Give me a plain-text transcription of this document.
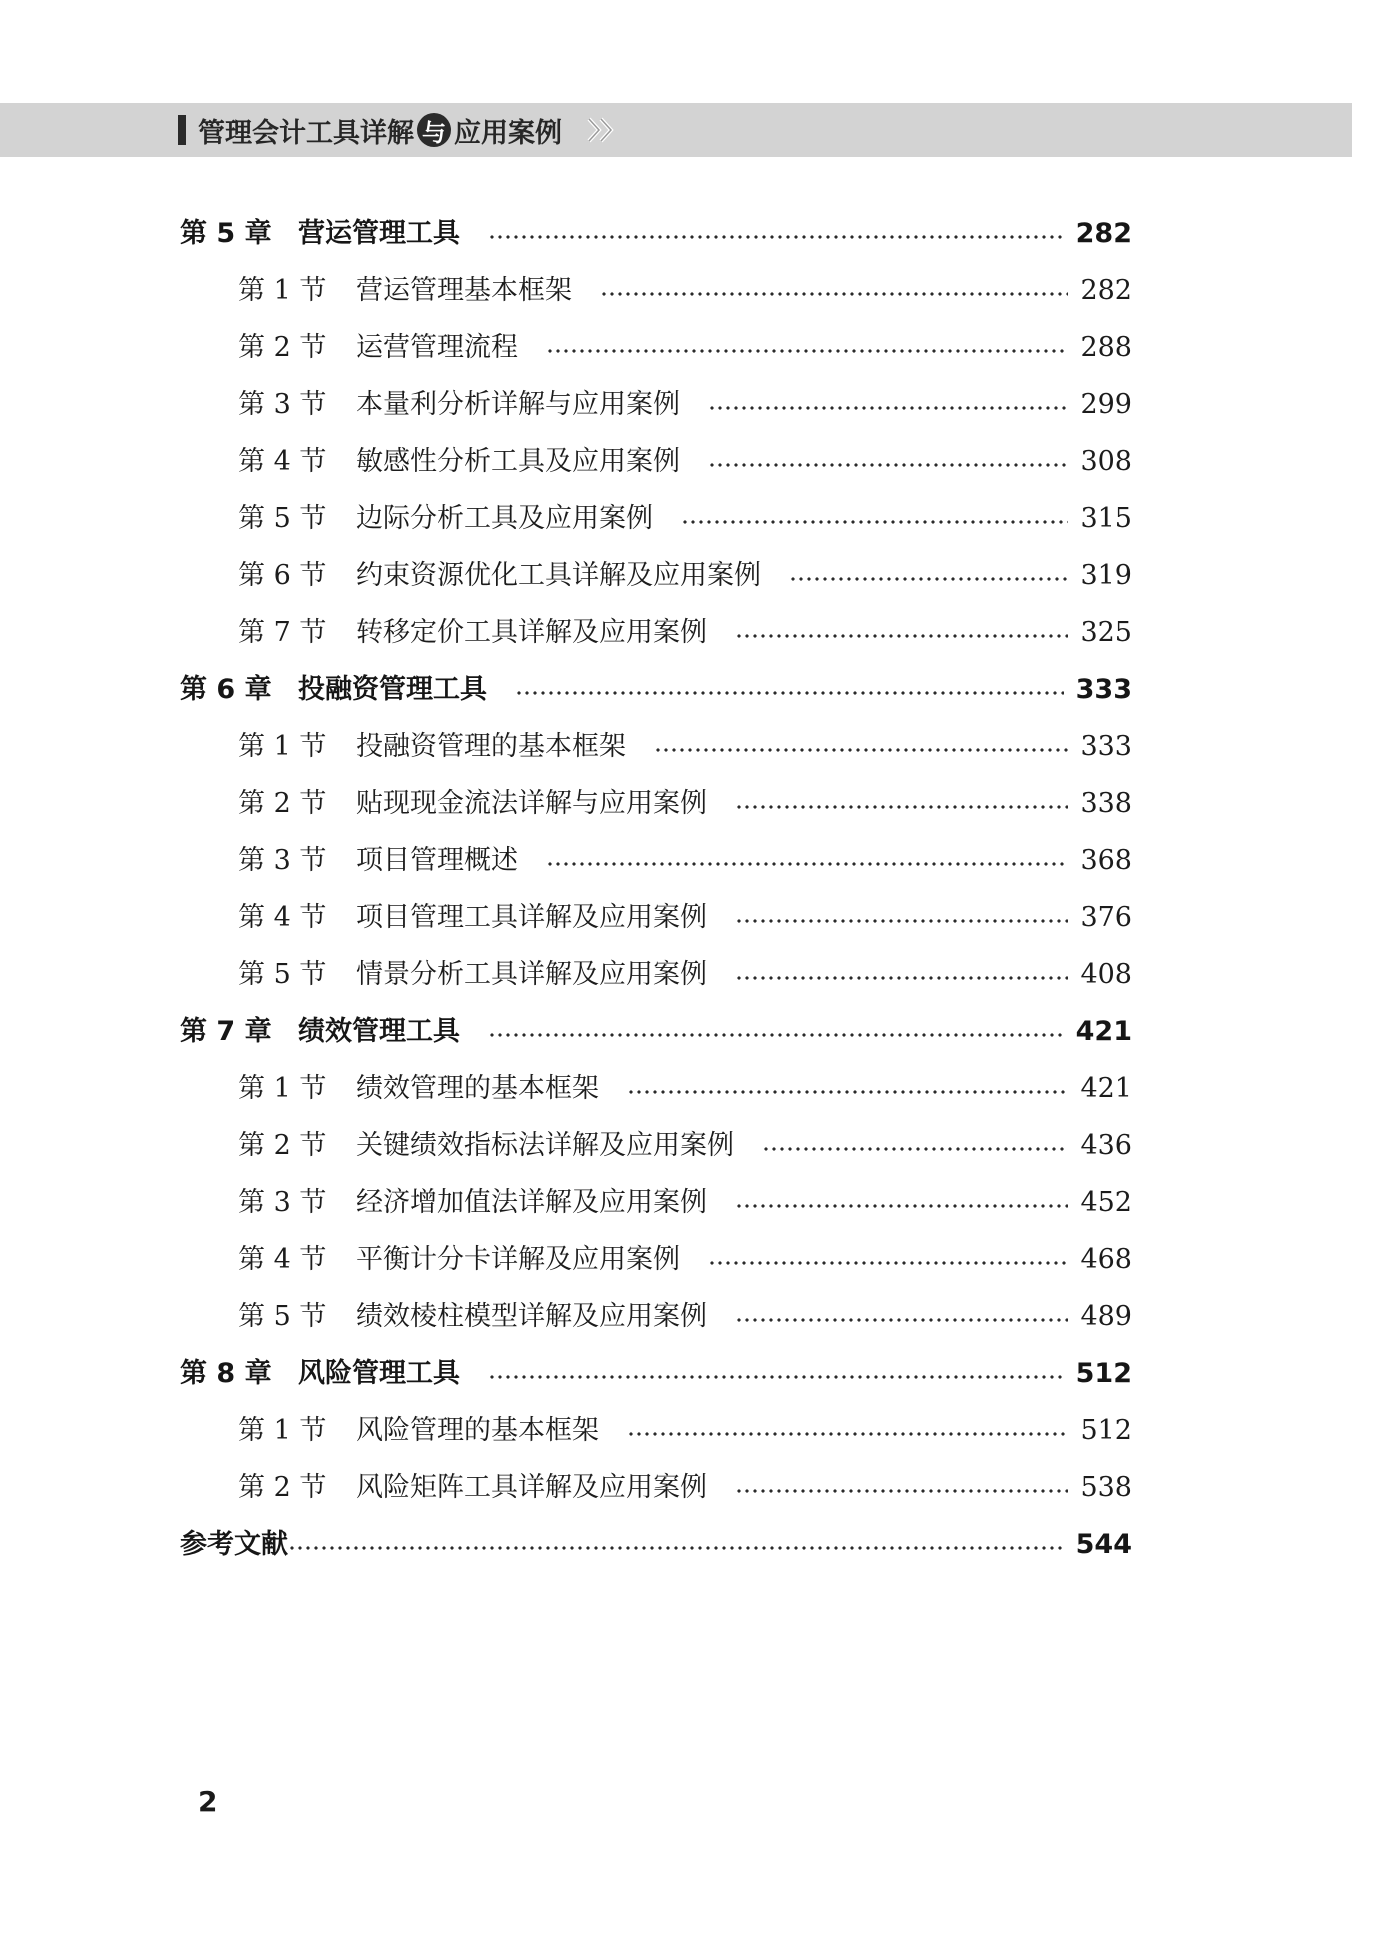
管理会计工具详解 与 应用案例
第 5 章 营运管理工具	282
第 1 节	营运管理基本框架	282
第 2 节	运营管理流程	288
第 3 节	本量利分析详解与应用案例	299
第 4 节	敏感性分析工具及应用案例	308
第 5 节	边际分析工具及应用案例	315
第 6 节	约束资源优化工具详解及应用案例	319
第 7 节	转移定价工具详解及应用案例	325
第 6 章 投融资管理工具	333
第 1 节	投融资管理的基本框架	333
第 2 节	贴现现金流法详解与应用案例	338
第 3 节	项目管理概述	368
第 4 节	项目管理工具详解及应用案例	376
第 5 节	情景分析工具详解及应用案例	408
第 7 章 绩效管理工具	421
第 1 节	绩效管理的基本框架	421
第 2 节	关键绩效指标法详解及应用案例	436
第 3 节	经济增加值法详解及应用案例	452
第 4 节	平衡计分卡详解及应用案例	468
第 5 节	绩效棱柱模型详解及应用案例	489
第 8 章 风险管理工具	512
第 1 节	风险管理的基本框架	512
第 2 节	风险矩阵工具详解及应用案例	538
参考文献	544
2
